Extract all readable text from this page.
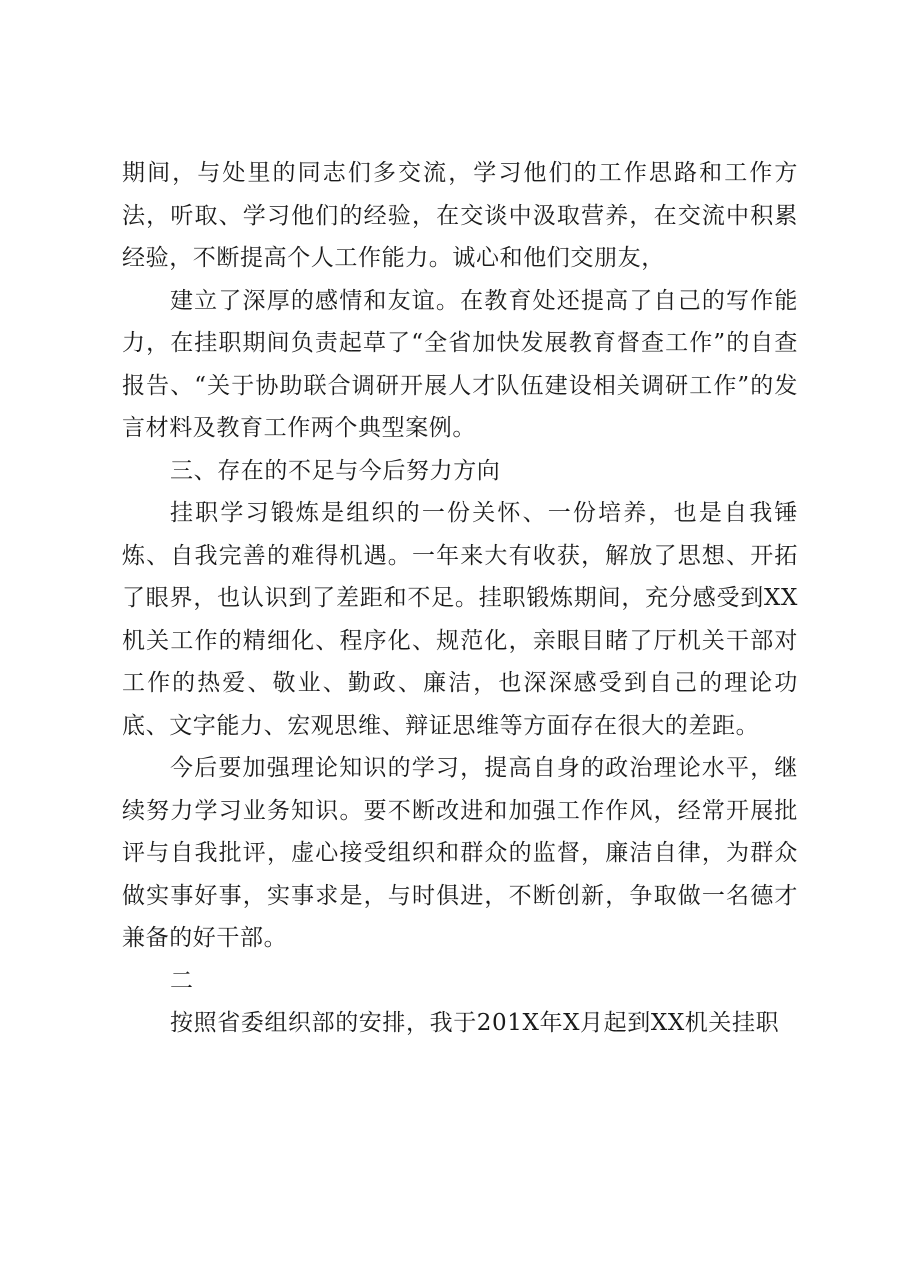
期间，与处里的同志们多交流，学习他们的工作思路和工作方法，听取、学习他们的经验，在交谈中汲取营养，在交流中积累经验，不断提高个人工作能力。诚心和他们交朋友，

建立了深厚的感情和友谊。在教育处还提高了自己的写作能力，在挂职期间负责起草了“全省加快发展教育督查工作”的自查报告、“关于协助联合调研开展人才队伍建设相关调研工作”的发言材料及教育工作两个典型案例。

三、存在的不足与今后努力方向

挂职学习锻炼是组织的一份关怀、一份培养，也是自我锤炼、自我完善的难得机遇。一年来大有收获，解放了思想、开拓了眼界，也认识到了差距和不足。挂职锻炼期间，充分感受到XX机关工作的精细化、程序化、规范化，亲眼目睹了厅机关干部对工作的热爱、敬业、勤政、廉洁，也深深感受到自己的理论功底、文字能力、宏观思维、辩证思维等方面存在很大的差距。

今后要加强理论知识的学习，提高自身的政治理论水平，继续努力学习业务知识。要不断改进和加强工作作风，经常开展批评与自我批评，虚心接受组织和群众的监督，廉洁自律，为群众做实事好事，实事求是，与时俱进，不断创新，争取做一名德才兼备的好干部。

二

按照省委组织部的安排，我于201X年X月起到XX机关挂职
